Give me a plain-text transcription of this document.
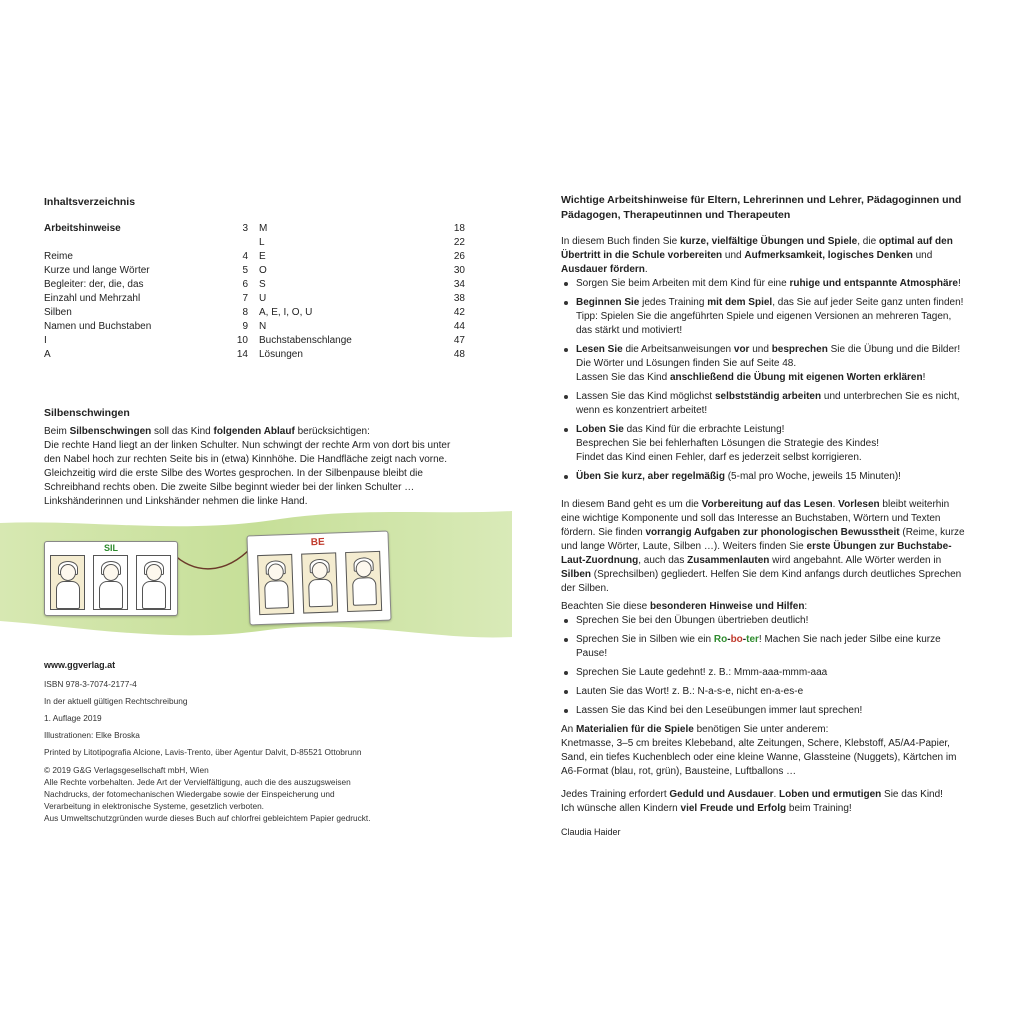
Inhaltsverzeichnis
Arbeitshinweise	3 M	18
L	22
Reime	4 E	26
Kurze und lange Wörter	5 O	30
Begleiter: der, die, das	6 S	34
Einzahl und Mehrzahl	7 U	38
Silben	8 A, E, I, O, U	42
Namen und Buchstaben	9 N	44
I	10 Buchstabenschlange	47
A	14 Lösungen	48
Silbenschwingen
Beim Silbenschwingen soll das Kind folgenden Ablauf berücksichtigen:
Die rechte Hand liegt an der linken Schulter. Nun schwingt der rechte Arm von dort bis unter
den Nabel hoch zur rechten Seite bis in (etwa) Kinnhöhe. Die Handfläche zeigt nach vorne.
Gleichzeitig wird die erste Silbe des Wortes gesprochen. In der Silbenpause bleibt die
Schreibhand rechts oben. Die zweite Silbe beginnt wieder bei der linken Schulter …
Linkshänderinnen und Linkshänder nehmen die linke Hand.
SIL	BE
www.ggverlag.at
ISBN 978-3-7074-2177-4
In der aktuell gültigen Rechtschreibung
1. Auflage 2019
Illustrationen: Elke Broska
Printed by Litotipografia Alcione, Lavis-Trento, über Agentur Dalvit, D-85521 Ottobrunn
© 2019 G&G Verlagsgesellschaft mbH, Wien
Alle Rechte vorbehalten. Jede Art der Vervielfältigung, auch die des auszugsweisen
Nachdrucks, der fotomechanischen Wiedergabe sowie der Einspeicherung und
Verarbeitung in elektronische Systeme, gesetzlich verboten.
Aus Umweltschutzgründen wurde dieses Buch auf chlorfrei gebleichtem Papier gedruckt.
Wichtige Arbeitshinweise für Eltern, Lehrerinnen und Lehrer, Pädagoginnen und
Pädagogen, Therapeutinnen und Therapeuten

In diesem Buch finden Sie kurze, vielfältige Übungen und Spiele, die optimal auf den Übertritt in die Schule vorbereiten und Aufmerksamkeit, logisches Denken und Ausdauer fördern.

Sorgen Sie beim Arbeiten mit dem Kind für eine ruhige und entspannte Atmosphäre!
Beginnen Sie jedes Training mit dem Spiel, das Sie auf jeder Seite ganz unten finden!
Tipp: Spielen Sie die angeführten Spiele und eigenen Versionen an mehreren Tagen,
das stärkt und motiviert!
Lesen Sie die Arbeitsanweisungen vor und besprechen Sie die Übung und die Bilder!
Die Wörter und Lösungen finden Sie auf Seite 48.
Lassen Sie das Kind anschließend die Übung mit eigenen Worten erklären!
Lassen Sie das Kind möglichst selbstständig arbeiten und unterbrechen Sie es nicht,
wenn es konzentriert arbeitet!
Loben Sie das Kind für die erbrachte Leistung!
Besprechen Sie bei fehlerhaften Lösungen die Strategie des Kindes!
Findet das Kind einen Fehler, darf es jederzeit selbst korrigieren.
Üben Sie kurz, aber regelmäßig (5-mal pro Woche, jeweils 15 Minuten)!

In diesem Band geht es um die Vorbereitung auf das Lesen. Vorlesen bleibt weiterhin eine wichtige Komponente und soll das Interesse an Buchstaben, Wörtern und Texten fördern. Sie finden vorrangig Aufgaben zur phonologischen Bewusstheit (Reime, kurze und lange Wörter, Laute, Silben …). Weiters finden Sie erste Übungen zur Buchstabe-Laut-Zuordnung, auch das Zusammenlauten wird angebahnt. Alle Wörter werden in Silben (Sprechsilben) gegliedert. Helfen Sie dem Kind anfangs durch deutliches Sprechen der Silben.

Beachten Sie diese besonderen Hinweise und Hilfen:

Sprechen Sie bei den Übungen übertrieben deutlich!
Sprechen Sie in Silben wie ein Ro-bo-ter! Machen Sie nach jeder Silbe eine kurze Pause!
Sprechen Sie Laute gedehnt! z. B.: Mmm-aaa-mmm-aaa
Lauten Sie das Wort! z. B.: N-a-s-e, nicht en-a-es-e
Lassen Sie das Kind bei den Leseübungen immer laut sprechen!

An Materialien für die Spiele benötigen Sie unter anderem:
Knetmasse, 3–5 cm breites Klebeband, alte Zeitungen, Schere, Klebstoff, A5/A4-Papier, Sand, ein tiefes Kuchenblech oder eine kleine Wanne, Glassteine (Nuggets), Kärtchen im A6-Format (blau, rot, grün), Bausteine, Luftballons …

Jedes Training erfordert Geduld und Ausdauer. Loben und ermutigen Sie das Kind!
Ich wünsche allen Kindern viel Freude und Erfolg beim Training!

Claudia Haider
